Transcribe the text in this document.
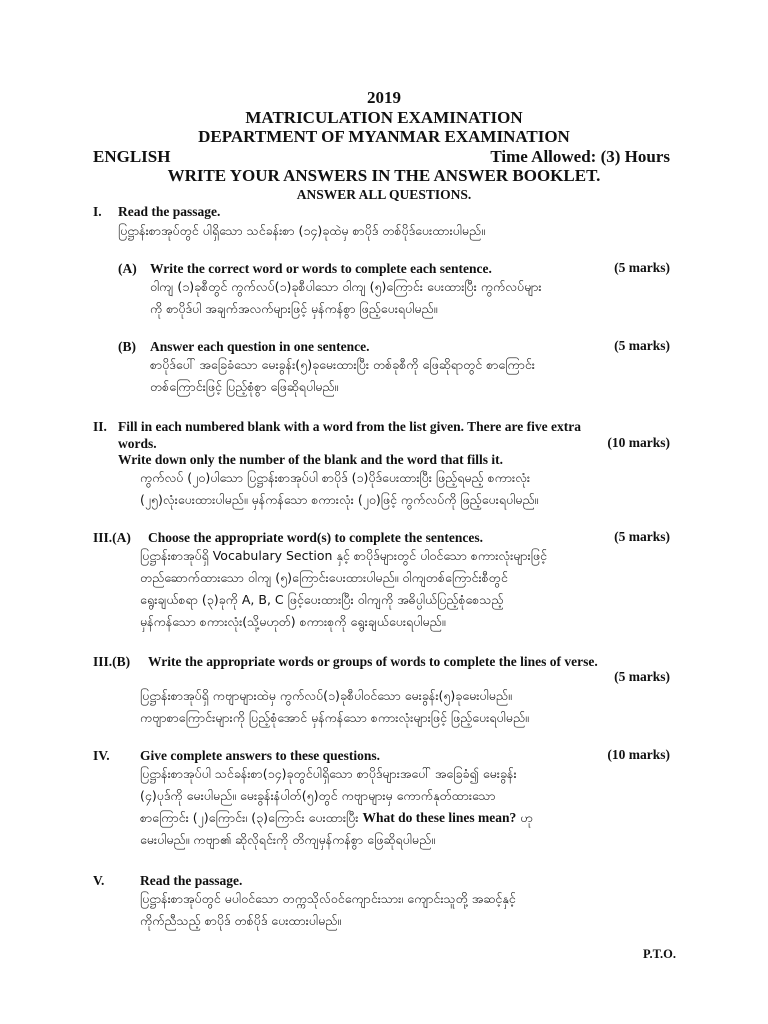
2019
MATRICULATION EXAMINATION
DEPARTMENT OF MYANMAR EXAMINATION
ENGLISH	Time Allowed: (3) Hours
WRITE YOUR ANSWERS IN THE ANSWER BOOKLET.
ANSWER ALL QUESTIONS.
I. Read the passage.
ပြဋ္ဌာန်းစာအုပ်တွင် ပါရှိသော သင်ခန်းစာ (၁၄)ခုထဲမှ စာပိုဒ် တစ်ပိုဒ်ပေးထားပါမည်။
(A) Write the correct word or words to complete each sentence.	(5 marks)
ဝါကျ (၁)ခုစီတွင် ကွက်လပ်(၁)ခုစီပါသော ဝါကျ (၅)ကြောင်း ပေးထားပြီး ကွက်လပ်များ
ကို စာပိုဒ်ပါ အချက်အလက်များဖြင့် မှန်ကန်စွာ ဖြည့်ပေးရပါမည်။
(B) Answer each question in one sentence.	(5 marks)
စာပိုဒ်ပေါ် အခြေခံသော မေးခွန်း(၅)ခုမေးထားပြီး တစ်ခုစီကို ဖြေဆိုရာတွင် စာကြောင်း
တစ်ကြောင်းဖြင့် ပြည့်စုံစွာ ဖြေဆိုရပါမည်။
II. Fill in each numbered blank with a word from the list given. There are five extra
words.	(10 marks)
Write down only the number of the blank and the word that fills it.
ကွက်လပ် (၂၀)ပါသော ပြဋ္ဌာန်းစာအုပ်ပါ စာပိုဒ် (၁)ပိုဒ်ပေးထားပြီး ဖြည့်ရမည့် စကားလုံး
(၂၅)လုံးပေးထားပါမည်။ မှန်ကန်သော စကားလုံး (၂၀)ဖြင့် ကွက်လပ်ကို ဖြည့်ပေးရပါမည်။
III.(A) Choose the appropriate word(s) to complete the sentences.	(5 marks)
ပြဋ္ဌာန်းစာအုပ်ရှိ Vocabulary Section နှင့် စာပိုဒ်များတွင် ပါဝင်သော စကားလုံးများဖြင့်
တည်ဆောက်ထားသော ဝါကျ (၅)ကြောင်းပေးထားပါမည်။ ဝါကျတစ်ကြောင်းစီတွင်
ရွေးချယ်စရာ (၃)ခုကို A, B, C ဖြင့်ပေးထားပြီး ဝါကျကို အဓိပ္ပါယ်ပြည့်စုံစေသည့်
မှန်ကန်သော စကားလုံး(သို့မဟုတ်) စကားစုကို ရွေးချယ်ပေးရပါမည်။
III.(B) Write the appropriate words or groups of words to complete the lines of verse.
(5 marks)
ပြဋ္ဌာန်းစာအုပ်ရှိ ကဗျာများထဲမှ ကွက်လပ်(၁)ခုစီပါဝင်သော မေးခွန်း(၅)ခုမေးပါမည်။
ကဗျာစာကြောင်းများကို ပြည့်စုံအောင် မှန်ကန်သော စကားလုံးများဖြင့် ဖြည့်ပေးရပါမည်။
IV. Give complete answers to these questions.	(10 marks)
ပြဋ္ဌာန်းစာအုပ်ပါ သင်ခန်းစာ(၁၄)ခုတွင်ပါရှိသော စာပိုဒ်များအပေါ် အခြေခံ၍ မေးခွန်း
(၄)ပုဒ်ကို မေးပါမည်။ မေးခွန်းနံပါတ်(၅)တွင် ကဗျာများမှ ကောက်နုတ်ထားသော
စာကြောင်း (၂)ကြောင်း၊ (၃)ကြောင်း ပေးထားပြီး What do these lines mean? ဟု
မေးပါမည်။ ကဗျာ၏ ဆိုလိုရင်းကို တိကျမှန်ကန်စွာ ဖြေဆိုရပါမည်။
V.	Read the passage.
ပြဋ္ဌာန်းစာအုပ်တွင် မပါဝင်သော တက္ကသိုလ်ဝင်ကျောင်းသား၊ ကျောင်းသူတို့ အဆင့်နှင့်
ကိုက်ညီသည့် စာပိုဒ် တစ်ပိုဒ် ပေးထားပါမည်။
P.T.O.
